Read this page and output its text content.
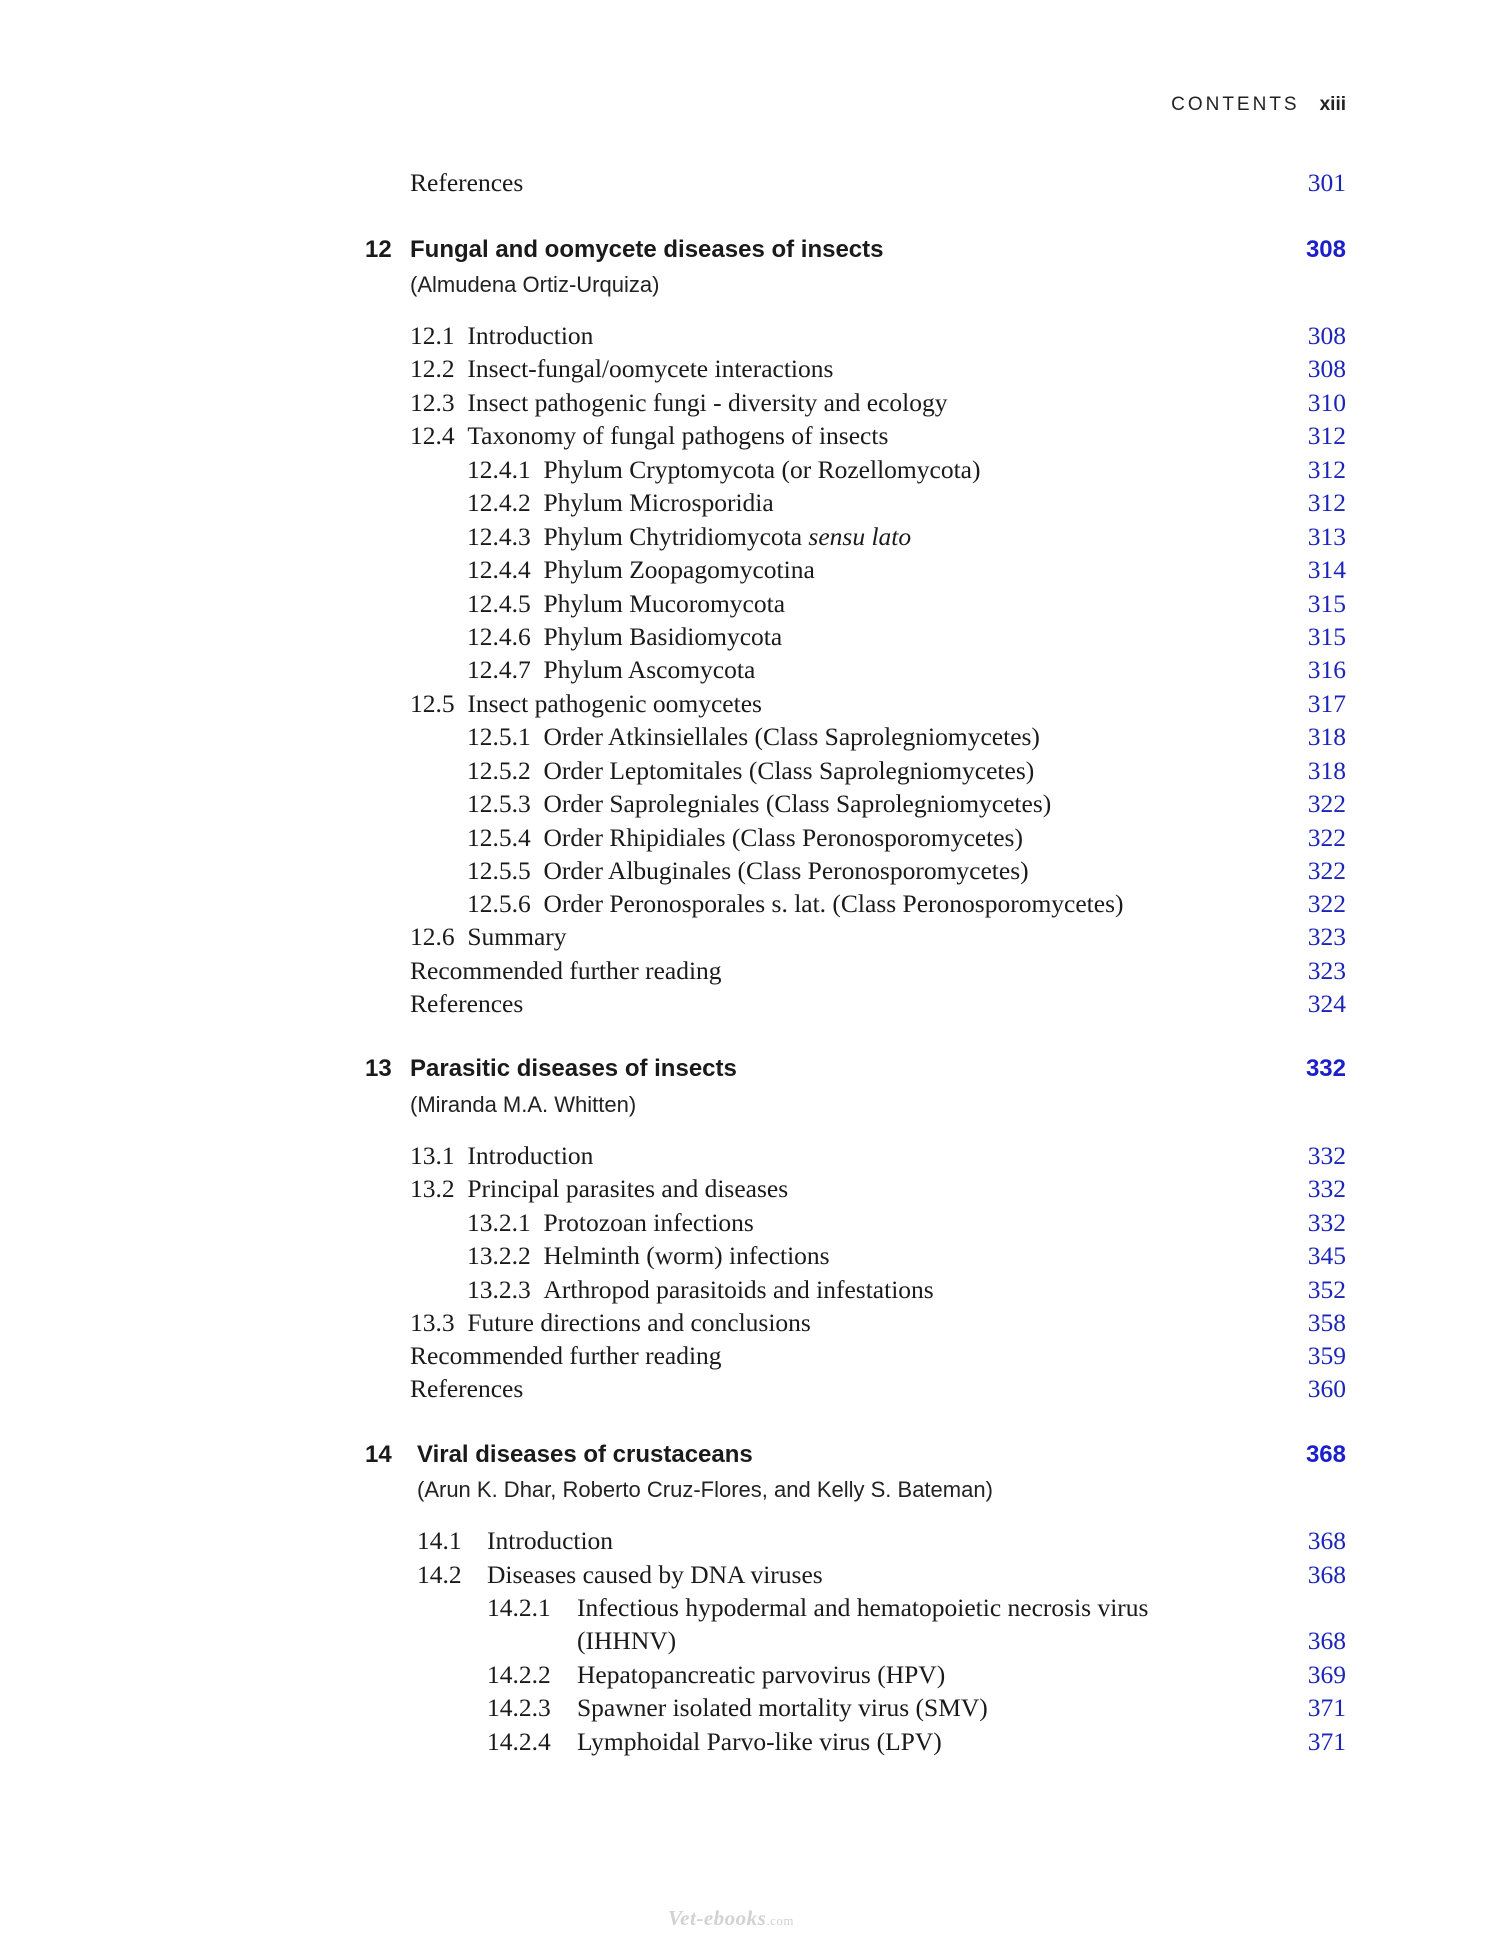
CONTENTS xiii
References	301
12 Fungal and oomycete diseases of insects	308
(Almudena Ortiz-Urquiza)
12.1 Introduction	308
12.2 Insect-fungal/oomycete interactions	308
12.3 Insect pathogenic fungi - diversity and ecology	310
12.4 Taxonomy of fungal pathogens of insects	312
12.4.1 Phylum Cryptomycota (or Rozellomycota)	312
12.4.2 Phylum Microsporidia	312
12.4.3 Phylum Chytridiomycota sensu lato	313
12.4.4 Phylum Zoopagomycotina	314
12.4.5 Phylum Mucoromycota	315
12.4.6 Phylum Basidiomycota	315
12.4.7 Phylum Ascomycota	316
12.5 Insect pathogenic oomycetes	317
12.5.1 Order Atkinsiellales (Class Saprolegniomycetes)	318
12.5.2 Order Leptomitales (Class Saprolegniomycetes)	318
12.5.3 Order Saprolegniales (Class Saprolegniomycetes)	322
12.5.4 Order Rhipidiales (Class Peronosporomycetes)	322
12.5.5 Order Albuginales (Class Peronosporomycetes)	322
12.5.6 Order Peronosporales s. lat. (Class Peronosporomycetes)	322
12.6 Summary	323
Recommended further reading	323
References	324
13 Parasitic diseases of insects	332
(Miranda M.A. Whitten)
13.1 Introduction	332
13.2 Principal parasites and diseases	332
13.2.1 Protozoan infections	332
13.2.2 Helminth (worm) infections	345
13.2.3 Arthropod parasitoids and infestations	352
13.3 Future directions and conclusions	358
Recommended further reading	359
References	360
14 Viral diseases of crustaceans	368
(Arun K. Dhar, Roberto Cruz-Flores, and Kelly S. Bateman)
14.1 Introduction	368
14.2 Diseases caused by DNA viruses	368
14.2.1 Infectious hypodermal and hematopoietic necrosis virus
(IHHNV)	368
14.2.2 Hepatopancreatic parvovirus (HPV)	369
14.2.3 Spawner isolated mortality virus (SMV)	371
14.2.4 Lymphoidal Parvo-like virus (LPV)	371
Vet-ebooks.com
